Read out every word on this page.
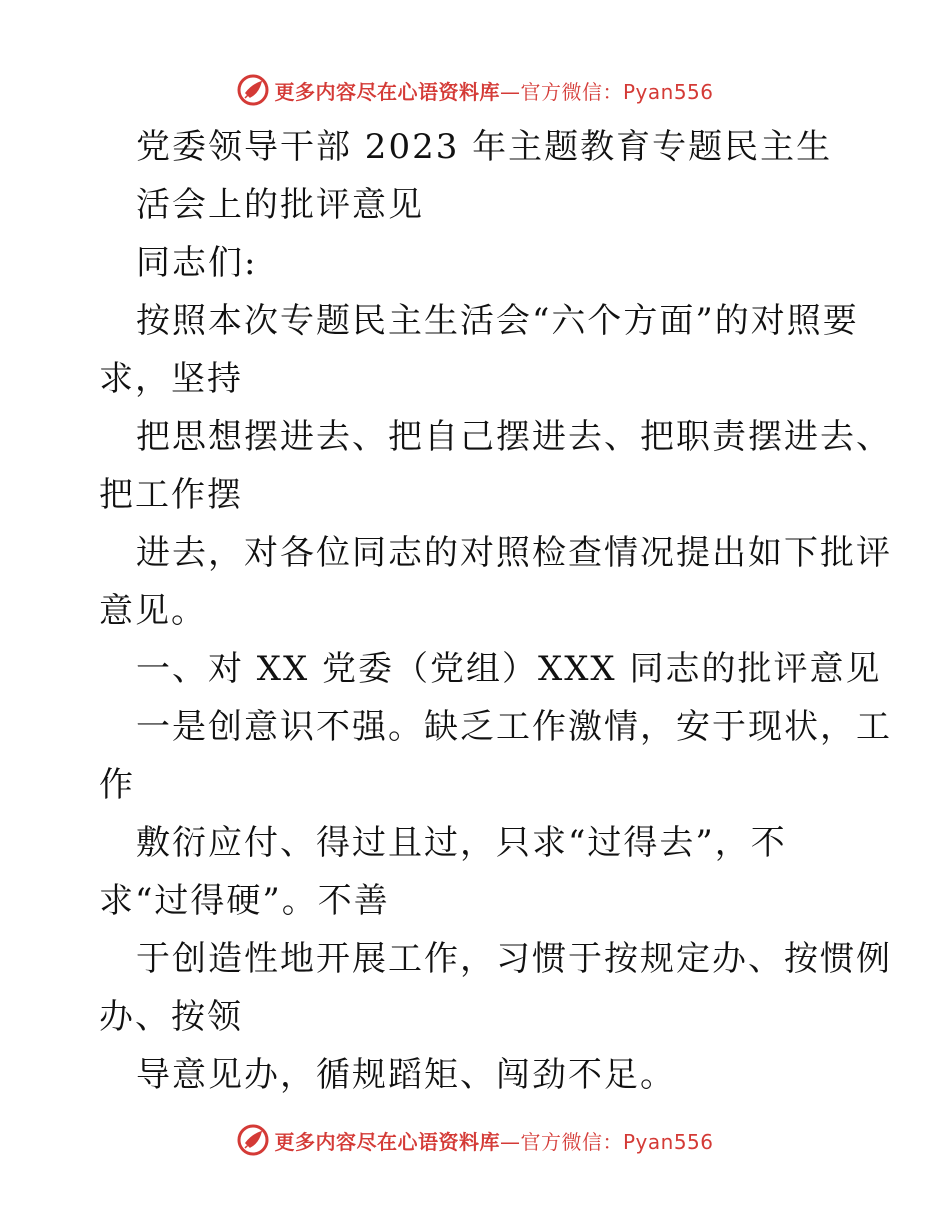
更多内容尽在心语资料库—官方微信：Pyan556
党委领导干部 2023 年主题教育专题民主生
活会上的批评意见
同志们:
按照本次专题民主生活会“六个方面”的对照要
求，坚持
把思想摆进去、把自己摆进去、把职责摆进去、
把工作摆
进去，对各位同志的对照检查情况提出如下批评
意见。
一、对 XX 党委（党组）XXX 同志的批评意见
一是创意识不强。缺乏工作激情，安于现状，工
作
敷衍应付、得过且过，只求“过得去”，不
求“过得硬”。不善
于创造性地开展工作，习惯于按规定办、按惯例
办、按领
导意见办，循规蹈矩、闯劲不足。
更多内容尽在心语资料库—官方微信：Pyan556
